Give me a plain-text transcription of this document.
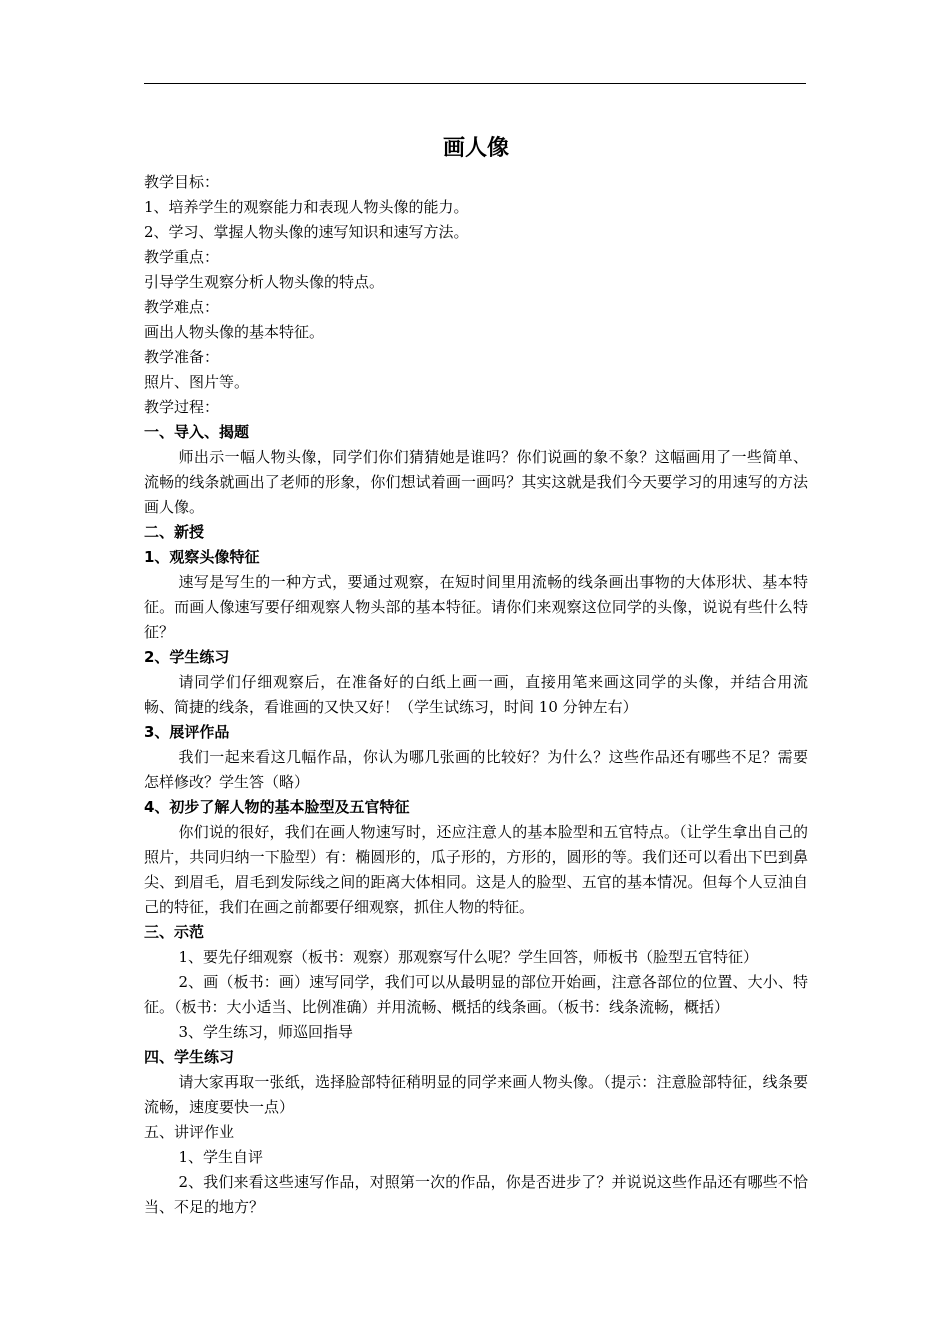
画人像

教学目标：

1、培养学生的观察能力和表现人物头像的能力。

2、学习、掌握人物头像的速写知识和速写方法。

教学重点：

引导学生观察分析人物头像的特点。

教学难点：

画出人物头像的基本特征。

教学准备：

照片、图片等。

教学过程：

一、导入、揭题

师出示一幅人物头像，同学们你们猜猜她是谁吗？你们说画的象不象？这幅画用了一些简单、流畅的线条就画出了老师的形象，你们想试着画一画吗？其实这就是我们今天要学习的用速写的方法画人像。

二、新授

1、观察头像特征

速写是写生的一种方式，要通过观察，在短时间里用流畅的线条画出事物的大体形状、基本特征。而画人像速写要仔细观察人物头部的基本特征。请你们来观察这位同学的头像，说说有些什么特征？

2、学生练习

请同学们仔细观察后，在准备好的白纸上画一画，直接用笔来画这同学的头像，并结合用流畅、简捷的线条，看谁画的又快又好！（学生试练习，时间 10 分钟左右）

3、展评作品

我们一起来看这几幅作品，你认为哪几张画的比较好？为什么？这些作品还有哪些不足？需要怎样修改？学生答（略）

4、初步了解人物的基本脸型及五官特征

你们说的很好，我们在画人物速写时，还应注意人的基本脸型和五官特点。（让学生拿出自己的照片，共同归纳一下脸型）有：椭圆形的，瓜子形的，方形的，圆形的等。我们还可以看出下巴到鼻尖、到眉毛，眉毛到发际线之间的距离大体相同。这是人的脸型、五官的基本情况。但每个人豆油自己的特征，我们在画之前都要仔细观察，抓住人物的特征。

三、示范

1、要先仔细观察（板书：观察）那观察写什么呢？学生回答，师板书（脸型五官特征）

2、画（板书：画）速写同学，我们可以从最明显的部位开始画，注意各部位的位置、大小、特征。（板书：大小适当、比例准确）并用流畅、概括的线条画。（板书：线条流畅，概括）

3、学生练习，师巡回指导

四、学生练习

请大家再取一张纸，选择脸部特征稍明显的同学来画人物头像。（提示：注意脸部特征，线条要流畅，速度要快一点）

五、讲评作业

1、学生自评

2、我们来看这些速写作品，对照第一次的作品，你是否进步了？并说说这些作品还有哪些不恰当、不足的地方？
